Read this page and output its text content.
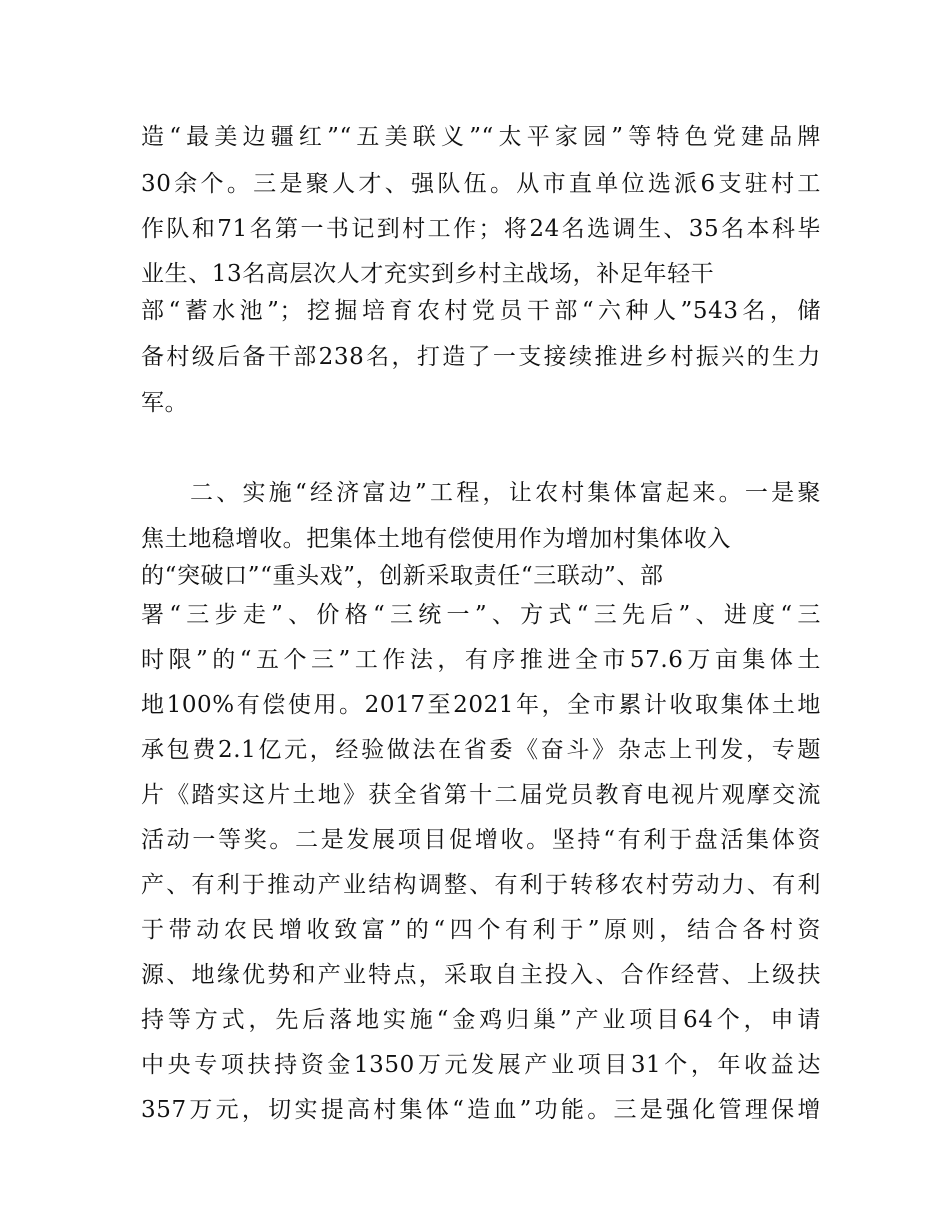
造“最美边疆红”“五美联义”“太平家园”等特色党建品牌
30余个。三是聚人才、强队伍。从市直单位选派6支驻村工
作队和71名第一书记到村工作；将24名选调生、35名本科毕
业生、13名高层次人才充实到乡村主战场，补足年轻干
部“蓄水池”；挖掘培育农村党员干部“六种人”543名，储
备村级后备干部238名，打造了一支接续推进乡村振兴的生力
军。
二、实施“经济富边”工程，让农村集体富起来。一是聚
焦土地稳增收。把集体土地有偿使用作为增加村集体收入
的“突破口”“重头戏”，创新采取责任“三联动”、部
署“三步走”、价格“三统一”、方式“三先后”、进度“三
时限”的“五个三”工作法，有序推进全市57.6万亩集体土
地100%有偿使用。2017至2021年，全市累计收取集体土地
承包费2.1亿元，经验做法在省委《奋斗》杂志上刊发，专题
片《踏实这片土地》获全省第十二届党员教育电视片观摩交流
活动一等奖。二是发展项目促增收。坚持“有利于盘活集体资
产、有利于推动产业结构调整、有利于转移农村劳动力、有利
于带动农民增收致富”的“四个有利于”原则，结合各村资
源、地缘优势和产业特点，采取自主投入、合作经营、上级扶
持等方式，先后落地实施“金鸡归巢”产业项目64个，申请
中央专项扶持资金1350万元发展产业项目31个，年收益达
357万元，切实提高村集体“造血”功能。三是强化管理保增
